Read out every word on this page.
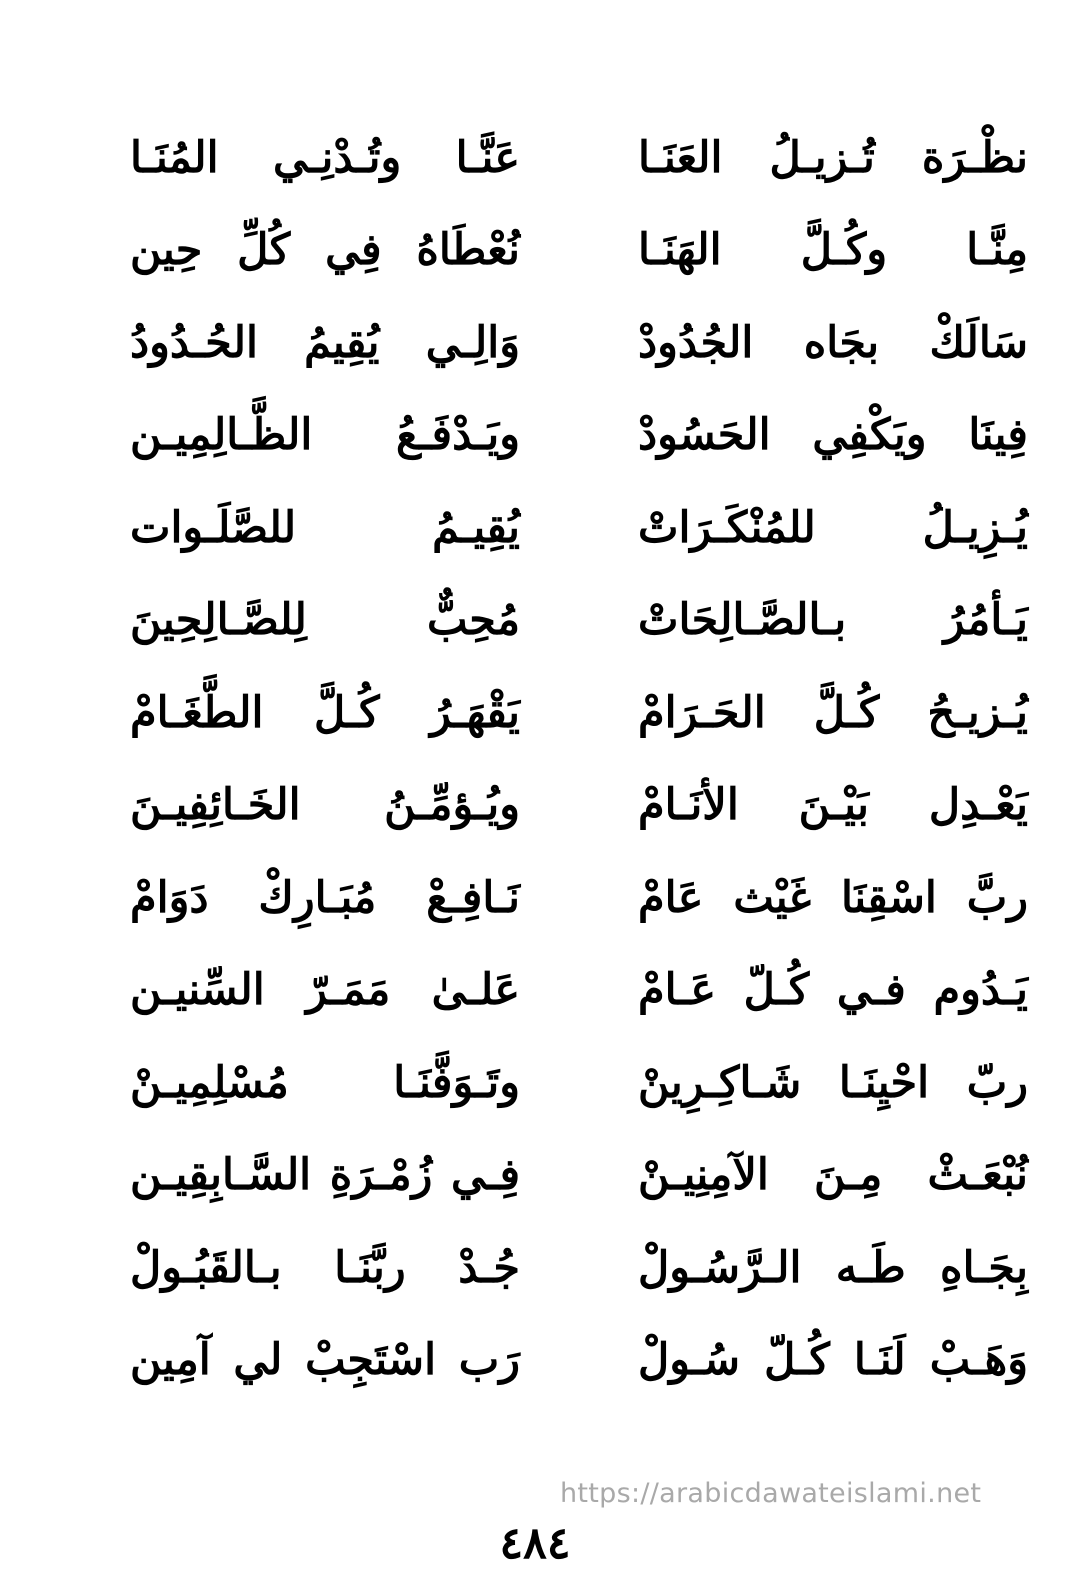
نظْـرَة تُـزيـلُ العَنَـا
عَنَّـا وتُـدْنِـي المُنَـا
مِنَّـا وكُـلَّ الهَنَـا
نُعْطَاهُ فِي كُلِّ حِين
سَالَكْ بجَاه الجُدُودْ
وَالِـي يُقِيمُ الحُـدُودُ
فِينَا ويَكْفِي الحَسُودْ
ويَـدْفَـعُ الظَّـالِمِيـن
يُـزِيـلُ للمُنْكَـرَاتْ
يُقِيـمُ للصَّلَـوات
يَـأمُرُ بـالصَّـالِحَاتْ
مُحِبٌّ لِلصَّـالِحِينَ
يُـزيـحُ كُـلَّ الحَـرَامْ
يَقْهَـرُ كُـلَّ الطَّغَـامْ
يَعْـدِل بَيْـنَ الأنَـامْ
ويُـؤمِّـنُ الخَـائِفِيـنَ
ربَّ اسْقِنَا غَيْث عَامْ
نَـافِـعْ مُبَـارِكْ دَوَامْ
يَـدُوم فـي كُـلّ عَـامْ
عَلـىٰ مَمَـرّ السِّنيـن
ربّ احْيِنَـا شَـاكِـرِينْ
وتَـوَفَّنَـا مُسْلِمِيـنْ
نُبْعَـثْ مِـنَ الآمِنِيـنْ
فِـي زُمْـرَةِ السَّـابِقِيـن
بِجَـاهِ طَـه الـرَّسُـولْ
جُـدْ ربَّنَـا بـالقَبُـولْ
وَهَـبْ لَنَـا كُـلّ سُـولْ
رَب اسْتَجِبْ لي آمِين
https://arabicdawateislami.net
٤٨٤
